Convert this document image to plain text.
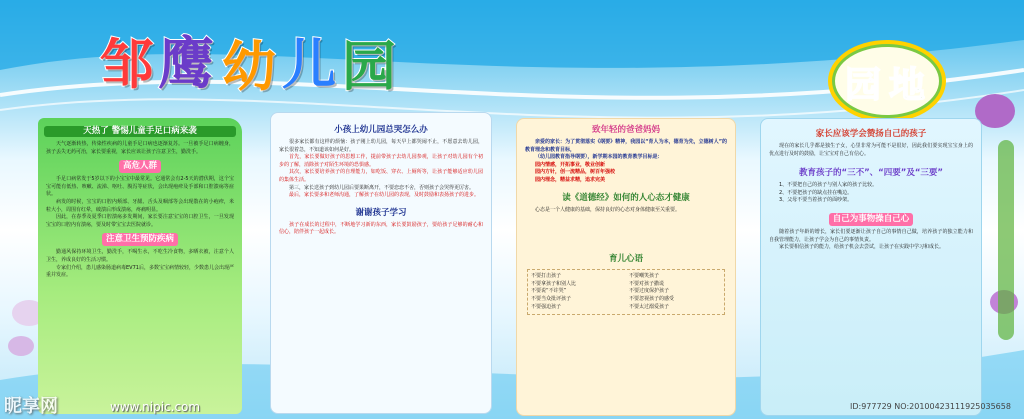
邹 鹰 幼 儿 园	园 地
天热了 警惕儿童手足口病来袭
天气逐渐转热，传染性疾病的儿童手足口病也逐渐复苏。一旦被手足口病缠身，孩子丢失无药可治，家长要重视，家长应该让孩子注意卫生，勤洗手。
高危人群
手足口病常发于5岁以下的小宝宝中最常见。它通常会有2-5天的潜伏期，这个宝宝可能有低热、咳嗽、流涕、呕吐、腹泻等症状，会出现疱疹及手部和口腔溃疡等症状。
病发的时候，宝宝的口腔内颊部、牙龈、舌头及咽部等会出现散在的小疱疹，米粒大小，周围有红晕，破溃后形成溃疡，疼痛明显。
因此，在春季及夏季口腔溃疡多发期间，家长要注意宝宝的口腔卫生，一旦发现宝宝的口腔内有溃疡，要及时带宝宝去医院就诊。
注意卫生预防疾病
勤通风保持环境卫生，勤洗手，不喝生水，不吃生冷食物，多晒衣被，注意个人卫生，养成良好的生活习惯。
专家们介绍，患儿感染肠道病毒EV71后，多数宝宝病情较轻，少数患儿会出现严重并发症。
小孩上幼儿园总哭怎么办
很多家长都有这样的烦恼：孩子刚上幼儿园，每天早上都哭闹不止，不愿意去幼儿园，家长很着急，不知道该如何是好。
首先，家长要做好孩子的思想工作，提前带孩子去幼儿园参观，让孩子对幼儿园有个初步的了解，消除孩子对陌生环境的恐惧感。
其次，家长要培养孩子的自理能力，如吃饭、穿衣、上厕所等，让孩子能够适应幼儿园的集体生活。
第三，家长送孩子到幼儿园后要果断离开，不要恋恋不舍，否则孩子会哭得更厉害。
最后，家长要多和老师沟通，了解孩子在幼儿园的表现，及时鼓励和表扬孩子的进步。
谢谢孩子学习
孩子在成长的过程中，不断地学习新的东西，家长要鼓励孩子，要给孩子足够的耐心和信心，陪伴孩子一起成长。
致年轻的爸爸妈妈
亲爱的家长：为了贯彻落实《纲要》精神，我园以“育人为本，德育为先，立德树人”的教育理念和教育目标，
（幼儿园教育指导纲要），新学期本园的教育教学目标是：
园内情感，开拓事业，敬业创新
园内方针，创一流精品，树百年强校
园内理念，精益求精，追求完美
读《道德经》如何的人心态才健康
心态是一个人健康的基础，保持良好的心态对身体健康至关重要。
育儿心语
不要打击孩子	不要嘲笑孩子
不要拿孩子和别人比	不要对孩子撒谎
不要说“不许哭”	不要过度保护孩子
不要当众批评孩子	不要忽视孩子的感受
不要强迫孩子	不要太过溺爱孩子
家长应该学会赞扬自己的孩子
现在的家长几乎都是独生子女，心里非常为可能不是很好，因此我们要实现宝宝身上的优点进行及时的鼓励，让宝宝对自己有信心。
教育孩子的“三不”、“四要”及“三要”
1、不要把自己的孩子与别人家的孩子比较。
2、不要把孩子的缺点挂在嘴边。
3、父母不要当着孩子的面吵架。
自己为事物操自己心
随着孩子年龄的增长，家长们要逐渐让孩子自己的事情自己做，培养孩子的独立能力和自我管理能力，让孩子学会为自己的事情负责。
家长要相信孩子的能力，给孩子机会去尝试，让孩子在实践中学习和成长。
昵享网	www.nipic.com	ID:977729 NO:20100423111925035658
